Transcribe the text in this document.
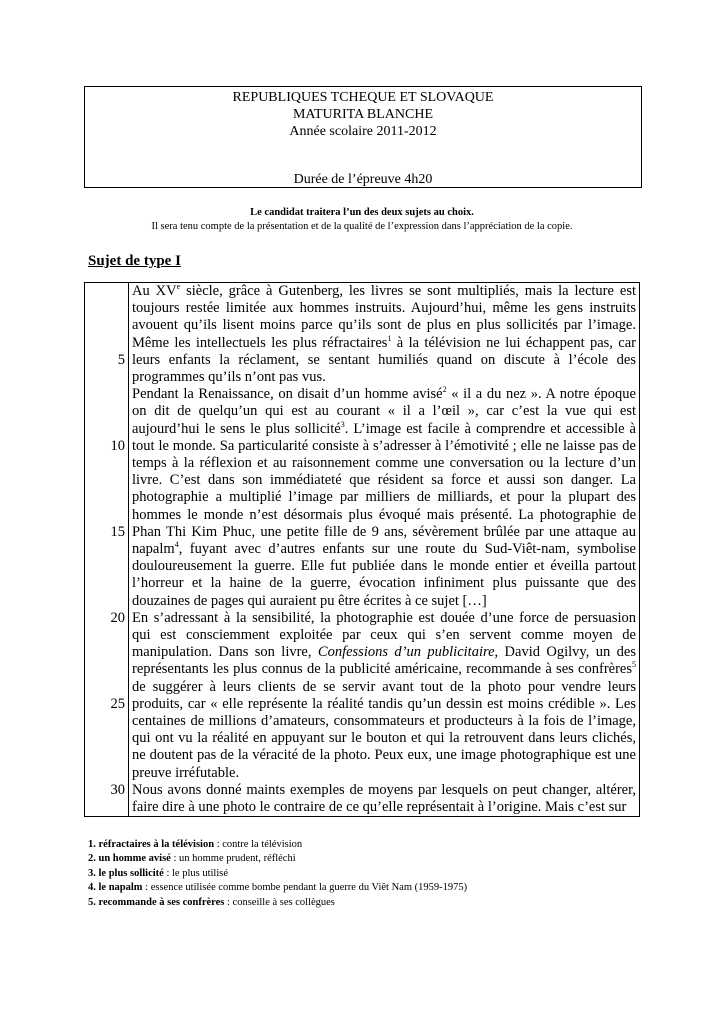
REPUBLIQUES TCHEQUE ET SLOVAQUE
MATURITA BLANCHE
Année scolaire 2011-2012
Durée de l’épreuve 4h20
Le candidat traitera l’un des deux sujets au choix.
Il sera tenu compte de la présentation et de la qualité de l’expression dans l’appréciation de la copie.
Sujet de type I
5
10
15
20
25
30
Au XVe siècle, grâce à Gutenberg, les livres se sont multipliés, mais la lecture est
toujours restée limitée aux hommes instruits. Aujourd’hui, même les gens instruits
avouent qu’ils lisent moins parce qu’ils sont de plus en plus sollicités par l’image.
Même les intellectuels les plus réfractaires$^1$ à la télévision ne lui échappent pas, car
leurs enfants la réclament, se sentant humiliés quand on discute à l’école des
programmes qu’ils n’ont pas vus.
Pendant la Renaissance, on disait d’un homme avisé$^2$ « il a du nez ». A notre époque
on dit de quelqu’un qui est au courant « il a l’œil », car c’est la vue qui est
aujourd’hui le sens le plus sollicité$^3$. L’image est facile à comprendre et accessible à
tout le monde. Sa particularité consiste à s’adresser à l’émotivité ; elle ne laisse pas de
temps à la réflexion et au raisonnement comme une conversation ou la lecture d’un
livre. C’est dans son immédiateté que résident sa force et aussi son danger. La
photographie a multiplié l’image par milliers de milliards, et pour la plupart des
hommes le monde n’est désormais plus évoqué mais présenté. La photographie de
Phan Thi Kim Phuc, une petite fille de 9 ans, sévèrement brûlée par une attaque au
napalm$^4$, fuyant avec d’autres enfants sur une route du Sud-Viêt-nam, symbolise
douloureusement la guerre. Elle fut publiée dans le monde entier et éveilla partout
l’horreur et la haine de la guerre, évocation infiniment plus puissante que des
douzaines de pages qui auraient pu être écrites à ce sujet […]
En s’adressant à la sensibilité, la photographie est douée d’une force de persuasion
qui est consciemment exploitée par ceux qui s’en servent comme moyen de
manipulation. Dans son livre, Confessions d’un publicitaire, David Ogilvy, un des
représentants les plus connus de la publicité américaine, recommande à ses confrères$^5$
de suggérer à leurs clients de se servir avant tout de la photo pour vendre leurs
produits, car « elle représente la réalité tandis qu’un dessin est moins crédible ». Les
centaines de millions d’amateurs, consommateurs et producteurs à la fois de l’image,
qui ont vu la réalité en appuyant sur le bouton et qui la retrouvent dans leurs clichés,
ne doutent pas de la véracité de la photo. Peux eux, une image photographique est une
preuve irréfutable.
Nous avons donné maints exemples de moyens par lesquels on peut changer, altérer,
faire dire à une photo le contraire de ce qu’elle représentait à l’origine. Mais c’est sur
1. réfractaires à la télévision : contre la télévision
2. un homme avisé : un homme prudent, réfléchi
3. le plus sollicité : le plus utilisé
4. le napalm : essence utilisée comme bombe pendant la guerre du Viêt Nam (1959-1975)
5. recommande à ses confrères : conseille à ses collègues
